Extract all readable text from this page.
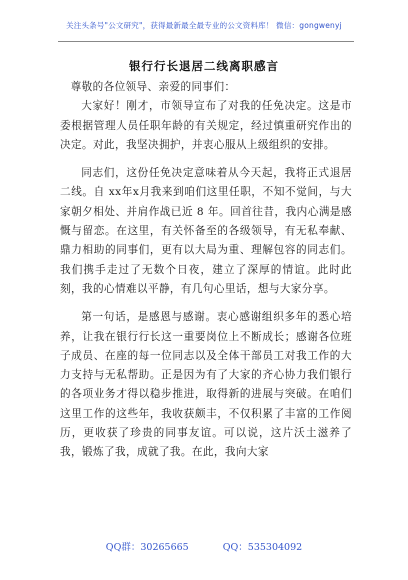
关注头条号"公文研究"，获得最新最全最专业的公文资料库！ 微信：gongwenyj
银行行长退居二线离职感言

尊敬的各位领导、亲爱的同事们：

大家好！刚才，市领导宣布了对我的任免决定。这是市委根据管理人员任职年龄的有关规定，经过慎重研究作出的决定。对此，我坚决拥护，并衷心服从上级组织的安排。

同志们，这份任免决定意味着从今天起，我将正式退居二线。自 xx年x月我来到咱们这里任职，不知不觉间，与大家朝夕相处、并肩作战已近 8 年。回首往昔，我内心满是感慨与留恋。在这里，有关怀备至的各级领导，有无私奉献、鼎力相助的同事们，更有以大局为重、理解包容的同志们。我们携手走过了无数个日夜，建立了深厚的情谊。此时此刻，我的心情难以平静，有几句心里话，想与大家分享。

第一句话，是感恩与感谢。衷心感谢组织多年的悉心培养，让我在银行行长这一重要岗位上不断成长；感谢各位班子成员、在座的每一位同志以及全体干部员工对我工作的大力支持与无私帮助。正是因为有了大家的齐心协力我们银行的各项业务才得以稳步推进，取得新的进展与突破。在咱们这里工作的这些年，我收获颇丰，不仅积累了丰富的工作阅历，更收获了珍贵的同事友谊。可以说，这片沃土滋养了我，锻炼了我，成就了我。在此，我向大家

QQ群：30265665	QQ：535304092
